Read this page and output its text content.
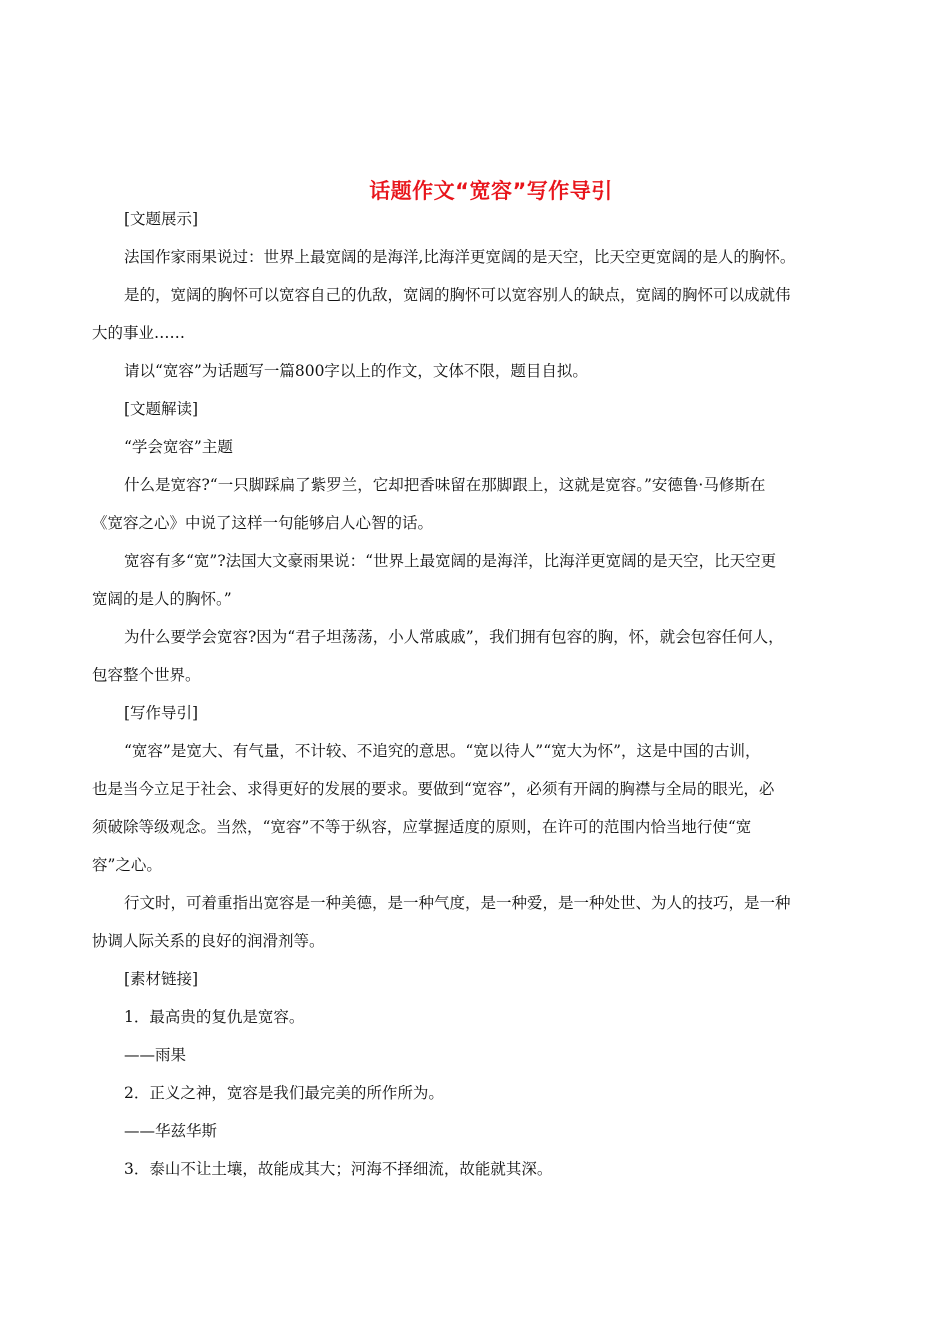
话题作文“宽容”写作导引

[文题展示]

法国作家雨果说过：世界上最宽阔的是海洋,比海洋更宽阔的是天空，比天空更宽阔的是人的胸怀。

是的，宽阔的胸怀可以宽容自己的仇敌，宽阔的胸怀可以宽容别人的缺点，宽阔的胸怀可以成就伟
大的事业……

请以“宽容”为话题写一篇800字以上的作文，文体不限，题目自拟。

[文题解读]

“学会宽容”主题

什么是宽容?“一只脚踩扁了紫罗兰，它却把香味留在那脚跟上，这就是宽容。”安德鲁·马修斯在
《宽容之心》中说了这样一句能够启人心智的话。

宽容有多“宽”?法国大文豪雨果说：“世界上最宽阔的是海洋，比海洋更宽阔的是天空，比天空更
宽阔的是人的胸怀。”

为什么要学会宽容?因为“君子坦荡荡，小人常戚戚”，我们拥有包容的胸，怀，就会包容任何人，
包容整个世界。

[写作导引]

“宽容”是宽大、有气量，不计较、不追究的意思。“宽以待人”“宽大为怀”，这是中国的古训，
也是当今立足于社会、求得更好的发展的要求。要做到“宽容”，必须有开阔的胸襟与全局的眼光，必
须破除等级观念。当然，“宽容”不等于纵容，应掌握适度的原则，在许可的范围内恰当地行使“宽
容”之心。

行文时，可着重指出宽容是一种美德，是一种气度，是一种爱，是一种处世、为人的技巧，是一种
协调人际关系的良好的润滑剂等。

[素材链接]

1．最高贵的复仇是宽容。

——雨果

2．正义之神，宽容是我们最完美的所作所为。

——华兹华斯

3．泰山不让土壤，故能成其大；河海不择细流，故能就其深。
